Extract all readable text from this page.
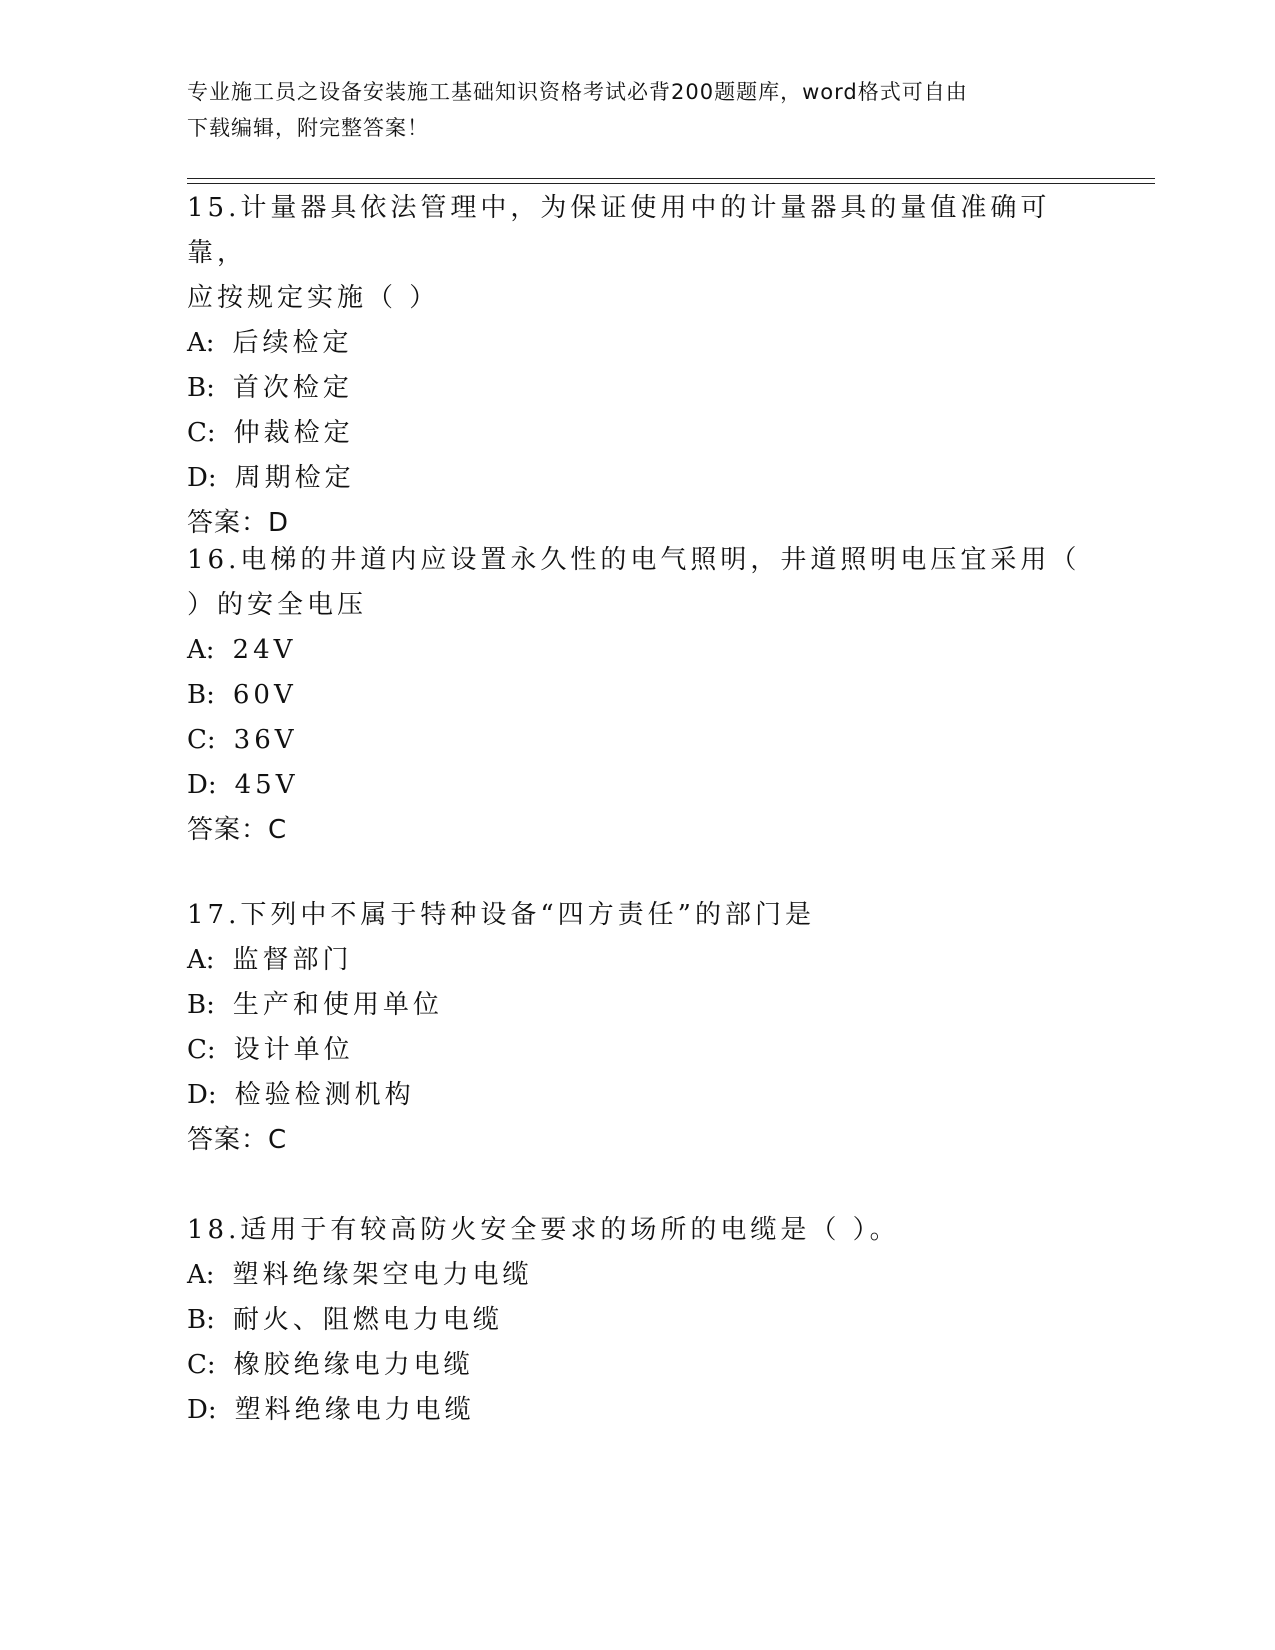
专业施工员之设备安装施工基础知识资格考试必背200题题库，word格式可自由
下载编辑，附完整答案！

15.计量器具依法管理中，为保证使用中的计量器具的量值准确可靠，
应按规定实施（ ）

A: 后续检定

B: 首次检定

C: 仲裁检定

D: 周期检定

答案：D

16.电梯的井道内应设置永久性的电气照明，井道照明电压宜采用（
）的安全电压

A: 24V

B: 60V

C: 36V

D: 45V

答案：C

17.下列中不属于特种设备“四方责任”的部门是

A: 监督部门

B: 生产和使用单位

C: 设计单位

D: 检验检测机构

答案：C

18.适用于有较高防火安全要求的场所的电缆是（ ）。

A: 塑料绝缘架空电力电缆

B: 耐火、阻燃电力电缆

C: 橡胶绝缘电力电缆

D: 塑料绝缘电力电缆
